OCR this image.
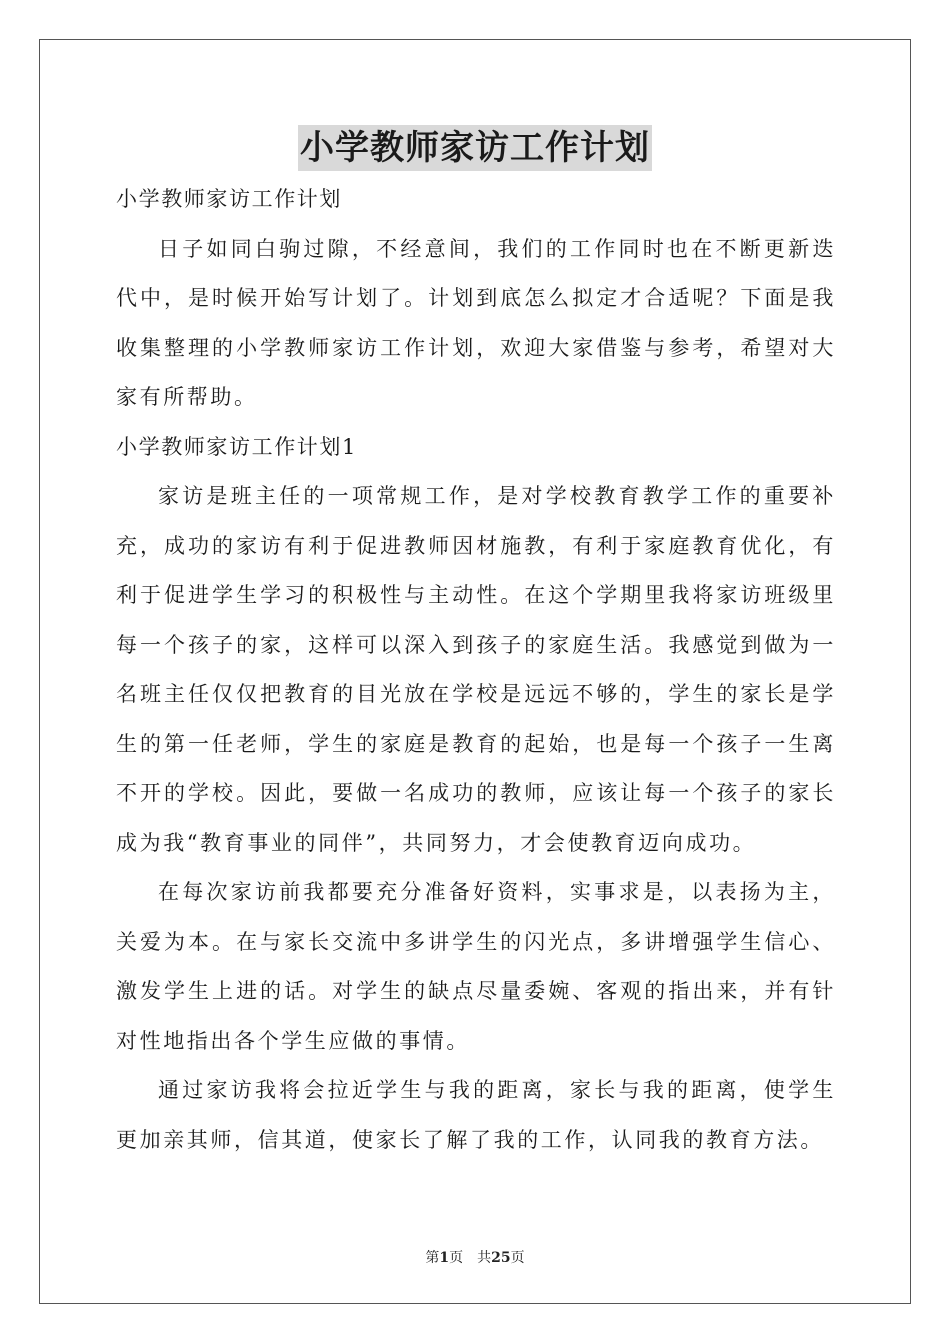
小学教师家访工作计划

小学教师家访工作计划

日子如同白驹过隙，不经意间，我们的工作同时也在不断更新迭代中，是时候开始写计划了。计划到底怎么拟定才合适呢？下面是我收集整理的小学教师家访工作计划，欢迎大家借鉴与参考，希望对大家有所帮助。

小学教师家访工作计划1

家访是班主任的一项常规工作，是对学校教育教学工作的重要补充，成功的家访有利于促进教师因材施教，有利于家庭教育优化，有利于促进学生学习的积极性与主动性。在这个学期里我将家访班级里每一个孩子的家，这样可以深入到孩子的家庭生活。我感觉到做为一名班主任仅仅把教育的目光放在学校是远远不够的，学生的家长是学生的第一任老师，学生的家庭是教育的起始，也是每一个孩子一生离不开的学校。因此，要做一名成功的教师，应该让每一个孩子的家长成为我“教育事业的同伴”，共同努力，才会使教育迈向成功。

在每次家访前我都要充分准备好资料，实事求是，以表扬为主，关爱为本。在与家长交流中多讲学生的闪光点，多讲增强学生信心、激发学生上进的话。对学生的缺点尽量委婉、客观的指出来，并有针对性地指出各个学生应做的事情。

通过家访我将会拉近学生与我的距离，家长与我的距离，使学生更加亲其师，信其道，使家长了解了我的工作，认同我的教育方法。

第1页 共25页
